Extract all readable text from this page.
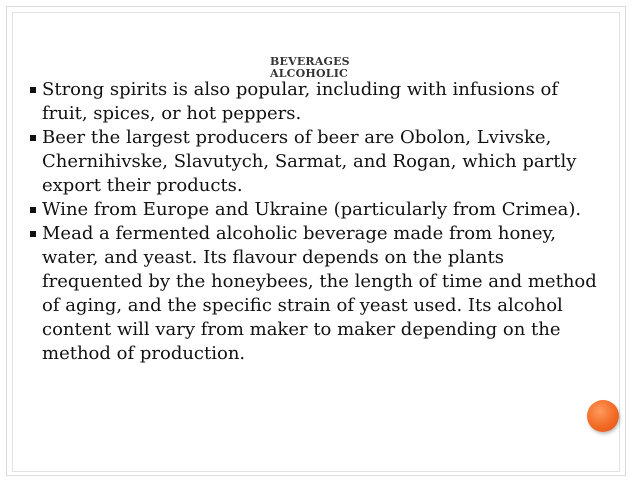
BEVERAGES
ALCOHOLIC
Strong spirits is also popular, including with infusions of fruit, spices, or hot peppers.
Beer the largest producers of beer are Obolon, Lvivske, Chernihivske, Slavutych, Sarmat, and Rogan, which partly export their products.
Wine from Europe and Ukraine (particularly from Crimea).
Mead a fermented alcoholic beverage made from honey, water, and yeast. Its flavour depends on the plants frequented by the honeybees, the length of time and method of aging, and the specific strain of yeast used. Its alcohol content will vary from maker to maker depending on the method of production.
